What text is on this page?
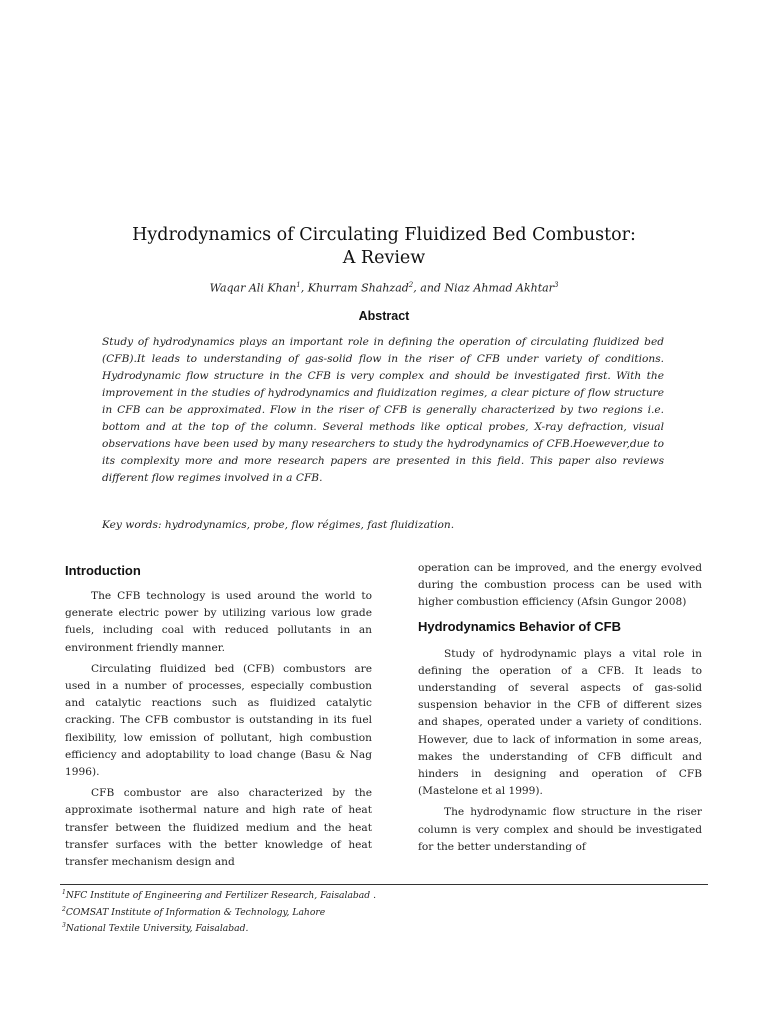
Hydrodynamics of Circulating Fluidized Bed Combustor:
A Review
Waqar Ali Khan$^1$, Khurram Shahzad$^2$, and Niaz Ahmad Akhtar$^3$
Abstract
Study of hydrodynamics plays an important role in defining the operation of circulating fluidized bed (CFB).It leads to understanding of gas-solid flow in the riser of CFB under variety of conditions. Hydrodynamic flow structure in the CFB is very complex and should be investigated first. With the improvement in the studies of hydrodynamics and fluidization regimes, a clear picture of flow structure in CFB can be approximated. Flow in the riser of CFB is generally characterized by two regions i.e. bottom and at the top of the column. Several methods like optical probes, X-ray defraction, visual observations have been used by many researchers to study the hydrodynamics of CFB.Hoewever,due to its complexity more and more research papers are presented in this field. This paper also reviews different flow regimes involved in a CFB.
Key words: hydrodynamics, probe, flow régimes, fast fluidization.
Introduction

The CFB technology is used around the world to generate electric power by utilizing various low grade fuels, including coal with reduced pollutants in an environment friendly manner.

Circulating fluidized bed (CFB) combustors are used in a number of processes, especially combustion and catalytic reactions such as fluidized catalytic cracking. The CFB combustor is outstanding in its fuel flexibility, low emission of pollutant, high combustion efficiency and adoptability to load change (Basu & Nag 1996).

CFB combustor are also characterized by the approximate isothermal nature and high rate of heat transfer between the fluidized medium and the heat transfer surfaces with the better knowledge of heat transfer mechanism design and

operation can be improved, and the energy evolved during the combustion process can be used with higher combustion efficiency (Afsin Gungor 2008)

Hydrodynamics Behavior of CFB

Study of hydrodynamic plays a vital role in defining the operation of a CFB. It leads to understanding of several aspects of gas-solid suspension behavior in the CFB of different sizes and shapes, operated under a variety of conditions. However, due to lack of information in some areas, makes the understanding of CFB difficult and hinders in designing and operation of CFB (Mastelone et al 1999).

The hydrodynamic flow structure in the riser column is very complex and should be investigated for the better understanding of

$^1$NFC Institute of Engineering and Fertilizer Research, Faisalabad .
$^2$COMSAT Institute of Information & Technology, Lahore
$^3$National Textile University, Faisalabad.
